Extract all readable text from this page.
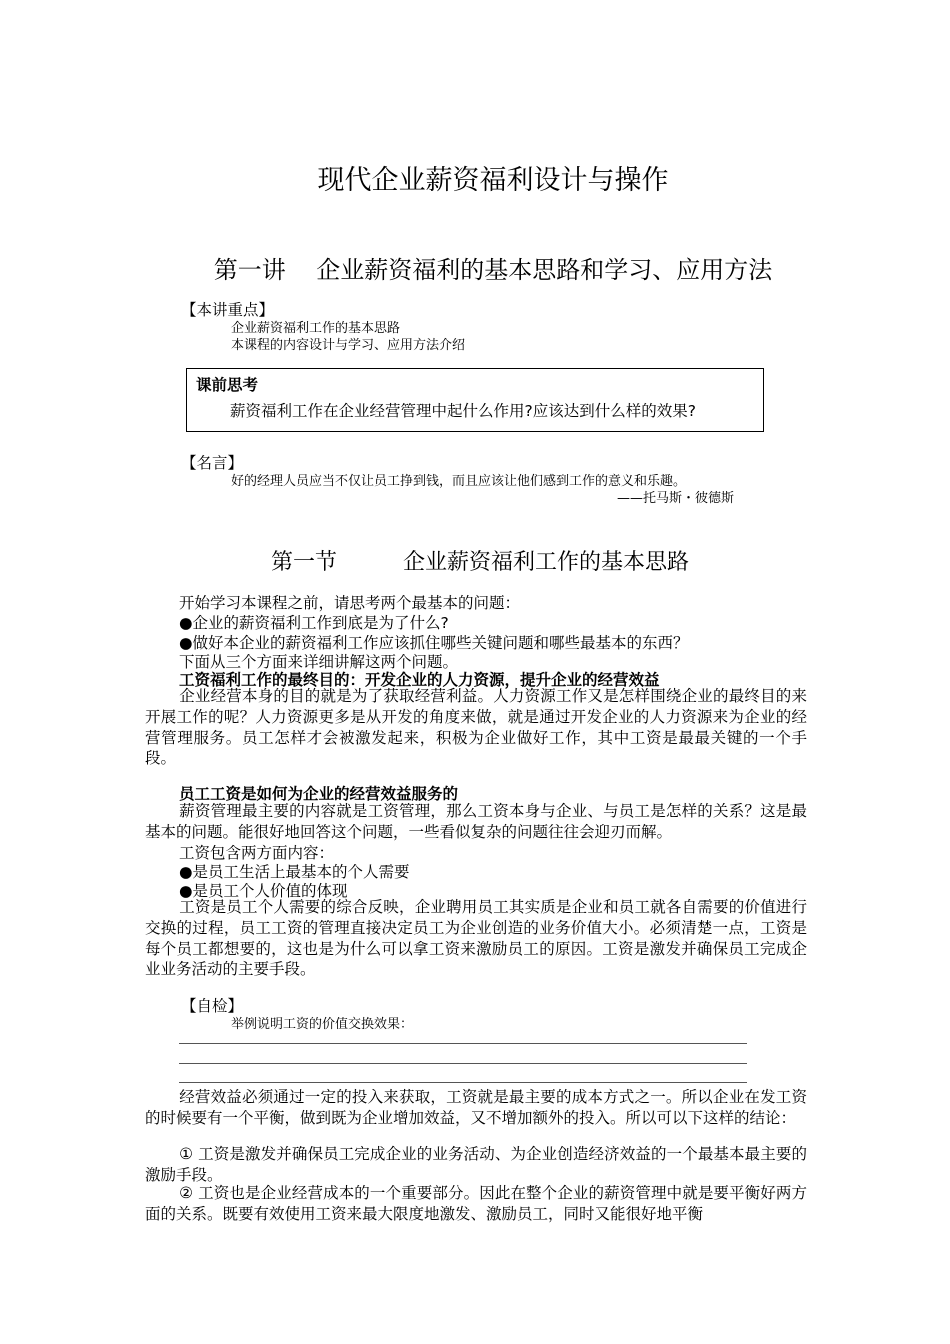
现代企业薪资福利设计与操作
第一讲    企业薪资福利的基本思路和学习、应用方法
【本讲重点】
企业薪资福利工作的基本思路
本课程的内容设计与学习、应用方法介绍
课前思考
薪资福利工作在企业经营管理中起什么作用?应该达到什么样的效果?
【名言】
好的经理人员应当不仅让员工挣到钱，而且应该让他们感到工作的意义和乐趣。
——托马斯・彼德斯
第一节	企业薪资福利工作的基本思路
开始学习本课程之前，请思考两个最基本的问题：
●企业的薪资福利工作到底是为了什么?
●做好本企业的薪资福利工作应该抓住哪些关键问题和哪些最基本的东西？
下面从三个方面来详细讲解这两个问题。
工资福利工作的最终目的：开发企业的人力资源，提升企业的经营效益
企业经营本身的目的就是为了获取经营利益。人力资源工作又是怎样围绕企业的最终目的来开展工作的呢？人力资源更多是从开发的角度来做，就是通过开发企业的人力资源来为企业的经营管理服务。员工怎样才会被激发起来，积极为企业做好工作，其中工资是最最关键的一个手段。
员工工资是如何为企业的经营效益服务的
薪资管理最主要的内容就是工资管理，那么工资本身与企业、与员工是怎样的关系？这是最基本的问题。能很好地回答这个问题，一些看似复杂的问题往往会迎刃而解。
工资包含两方面内容：
●是员工生活上最基本的个人需要
●是员工个人价值的体现
工资是员工个人需要的综合反映，企业聘用员工其实质是企业和员工就各自需要的价值进行交换的过程，员工工资的管理直接决定员工为企业创造的业务价值大小。必须清楚一点，工资是每个员工都想要的，这也是为什么可以拿工资来激励员工的原因。工资是激发并确保员工完成企业业务活动的主要手段。
【自检】
举例说明工资的价值交换效果：
经营效益必须通过一定的投入来获取，工资就是最主要的成本方式之一。所以企业在发工资的时候要有一个平衡，做到既为企业增加效益，又不增加额外的投入。所以可以下这样的结论：
① 工资是激发并确保员工完成企业的业务活动、为企业创造经济效益的一个最基本最主要的激励手段。
② 工资也是企业经营成本的一个重要部分。因此在整个企业的薪资管理中就是要平衡好两方面的关系。既要有效使用工资来最大限度地激发、激励员工，同时又能很好地平衡
